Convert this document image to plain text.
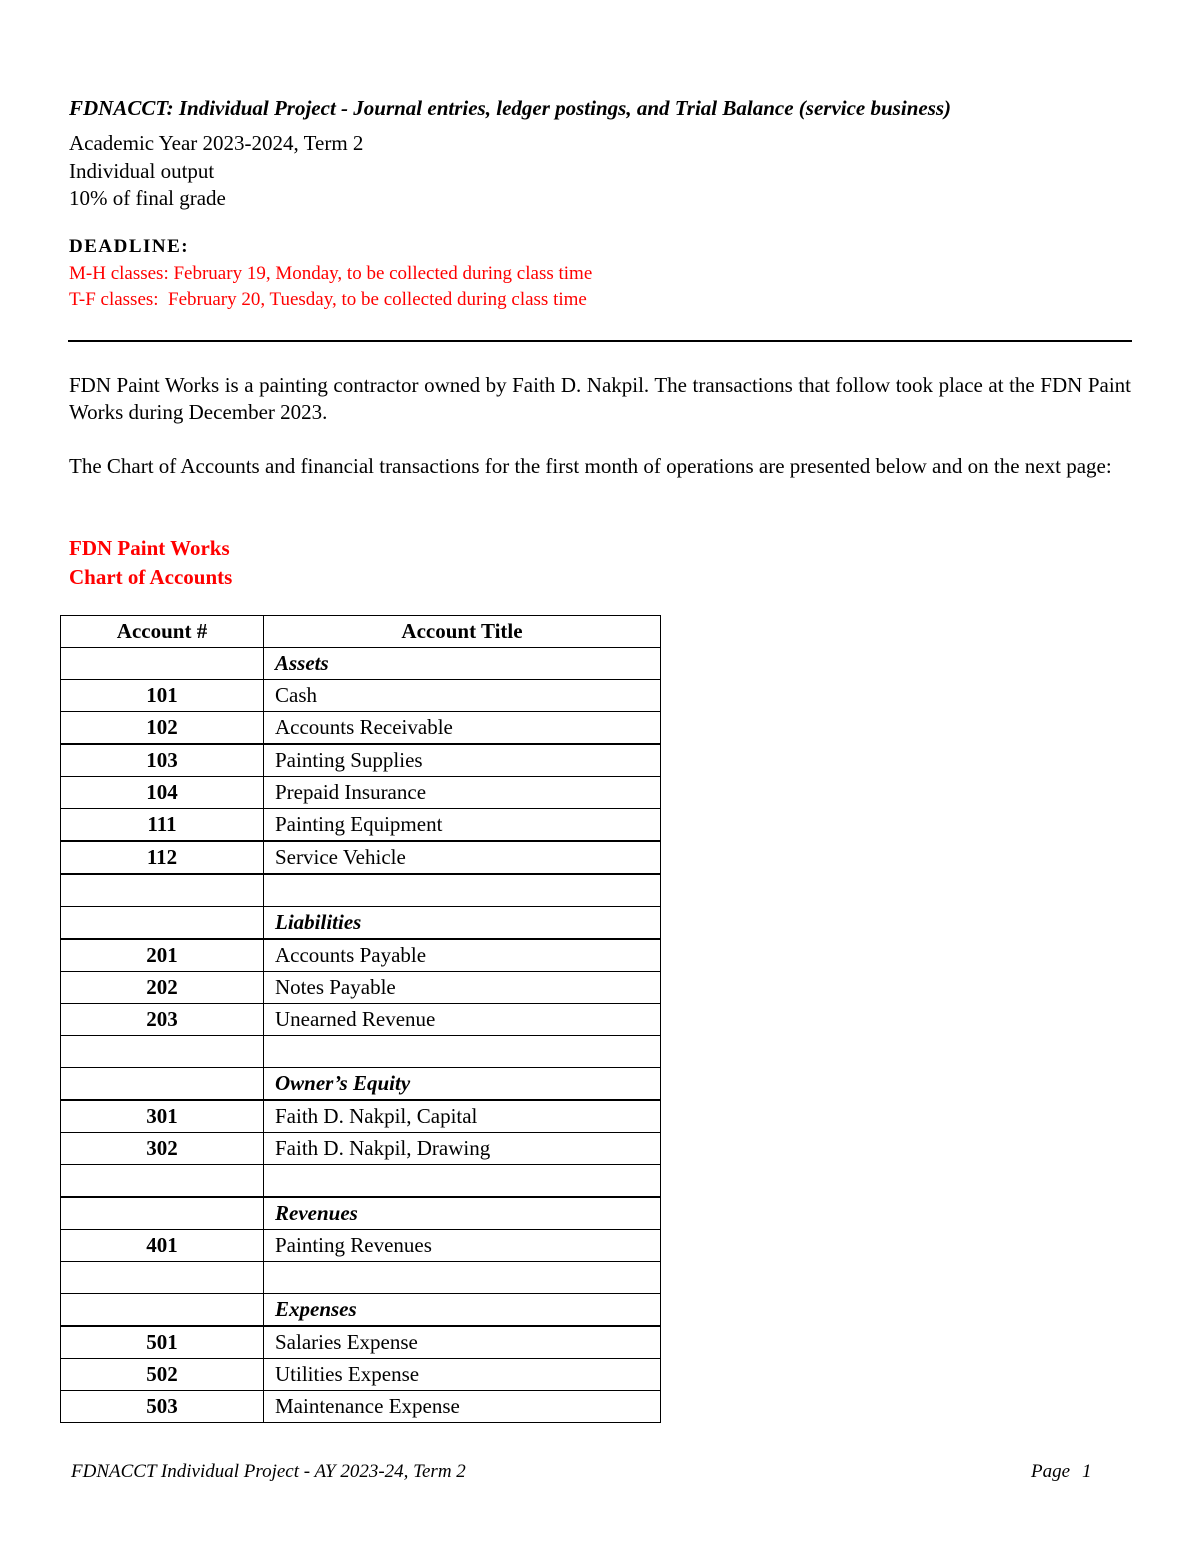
FDNACCT: Individual Project - Journal entries, ledger postings, and Trial Balance (service business)
Academic Year 2023-2024, Term 2
Individual output
10% of final grade
DEADLINE:
M-H classes: February 19, Monday, to be collected during class time
T-F classes:  February 20, Tuesday, to be collected during class time
FDN Paint Works is a painting contractor owned by Faith D. Nakpil. The transactions that follow took place at the FDN Paint Works during December 2023.
The Chart of Accounts and financial transactions for the first month of operations are presented below and on the next page:
FDN Paint Works
Chart of Accounts
Account #	Account Title
	Assets
101	Cash
102	Accounts Receivable
103	Painting Supplies
104	Prepaid Insurance
111	Painting Equipment
112	Service Vehicle

	Liabilities
201	Accounts Payable
202	Notes Payable
203	Unearned Revenue

	Owner’s Equity
301	Faith D. Nakpil, Capital
302	Faith D. Nakpil, Drawing

	Revenues
401	Painting Revenues

	Expenses
501	Salaries Expense
502	Utilities Expense
503	Maintenance Expense
FDNACCT Individual Project - AY 2023-24, Term 2	Page 1
